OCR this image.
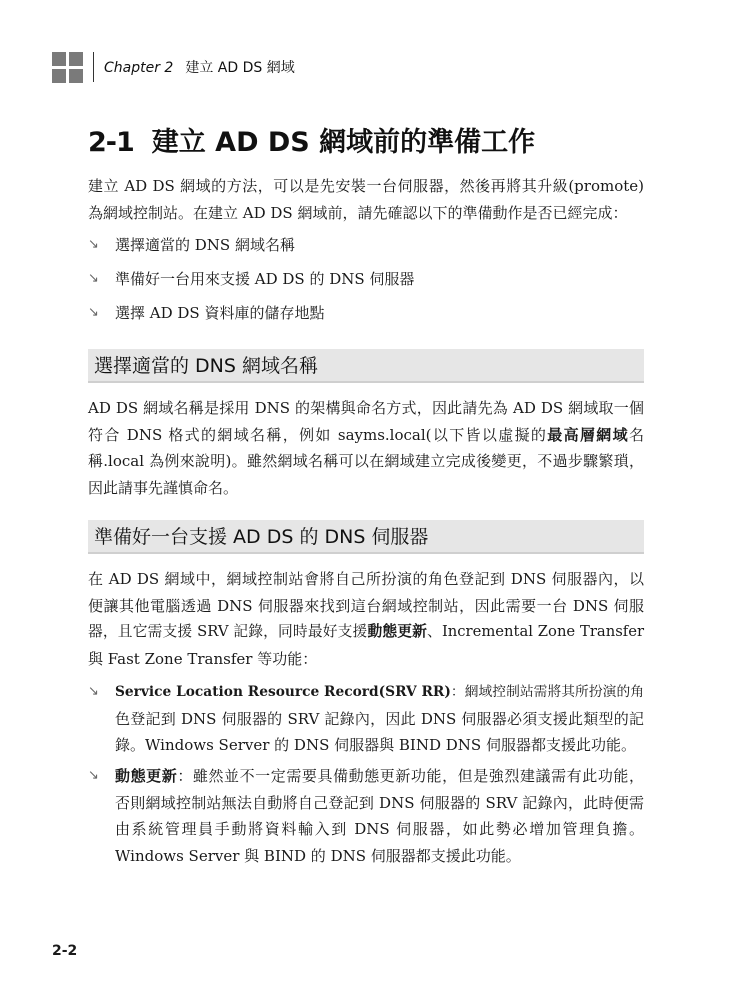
Chapter 2 建立 AD DS 網域
2-1 建立 AD DS 網域前的準備工作

建立 AD DS 網域的方法，可以是先安裝一台伺服器，然後再將其升級(promote)
為網域控制站。在建立 AD DS 網域前，請先確認以下的準備動作是否已經完成：

↘ 選擇適當的 DNS 網域名稱
↘ 準備好一台用來支援 AD DS 的 DNS 伺服器
↘ 選擇 AD DS 資料庫的儲存地點
選擇適當的 DNS 網域名稱

AD DS 網域名稱是採用 DNS 的架構與命名方式，因此請先為 AD DS 網域取一個
符合 DNS 格式的網域名稱，例如 sayms.local(以下皆以虛擬的最高層網域名
稱.local 為例來說明)。雖然網域名稱可以在網域建立完成後變更，不過步驟繁瑣，
因此請事先謹慎命名。

準備好一台支援 AD DS 的 DNS 伺服器

在 AD DS 網域中，網域控制站會將自己所扮演的角色登記到 DNS 伺服器內，以
便讓其他電腦透過 DNS 伺服器來找到這台網域控制站，因此需要一台 DNS 伺服
器，且它需支援 SRV 記錄，同時最好支援動態更新、Incremental Zone Transfer
與 Fast Zone Transfer 等功能：

↘ Service Location Resource Record(SRV RR)：網域控制站需將其所扮演的角
色登記到 DNS 伺服器的 SRV 記錄內，因此 DNS 伺服器必須支援此類型的記
錄。Windows Server 的 DNS 伺服器與 BIND DNS 伺服器都支援此功能。
↘ 動態更新：雖然並不一定需要具備動態更新功能，但是強烈建議需有此功能，
否則網域控制站無法自動將自己登記到 DNS 伺服器的 SRV 記錄內，此時便需
由系統管理員手動將資料輸入到 DNS 伺服器，如此勢必增加管理負擔。
Windows Server 與 BIND 的 DNS 伺服器都支援此功能。
2-2
